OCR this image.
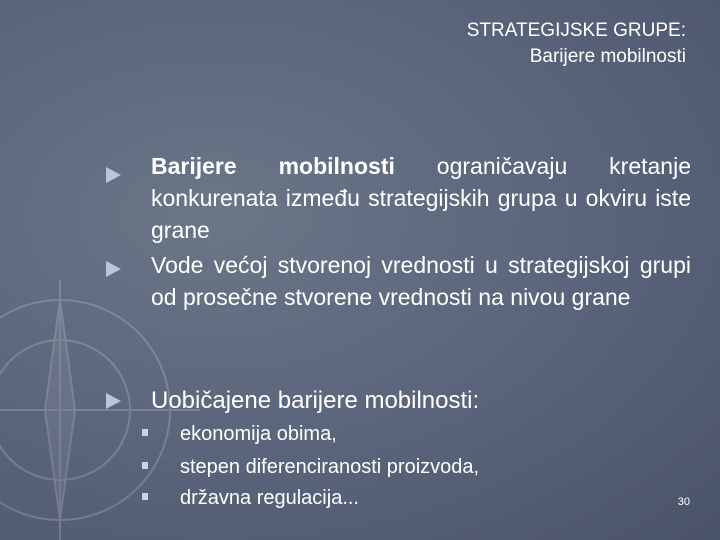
STRATEGIJSKE GRUPE:
Barijere mobilnosti
Barijere mobilnosti ograničavaju kretanje konkurenata između strategijskih grupa u okviru iste grane
Vode većoj stvorenoj vrednosti u strategijskoj grupi od prosečne stvorene vrednosti na nivou grane
Uobičajene barijere mobilnosti:
ekonomija obima,
stepen diferenciranosti proizvoda,
državna regulacija...	30
